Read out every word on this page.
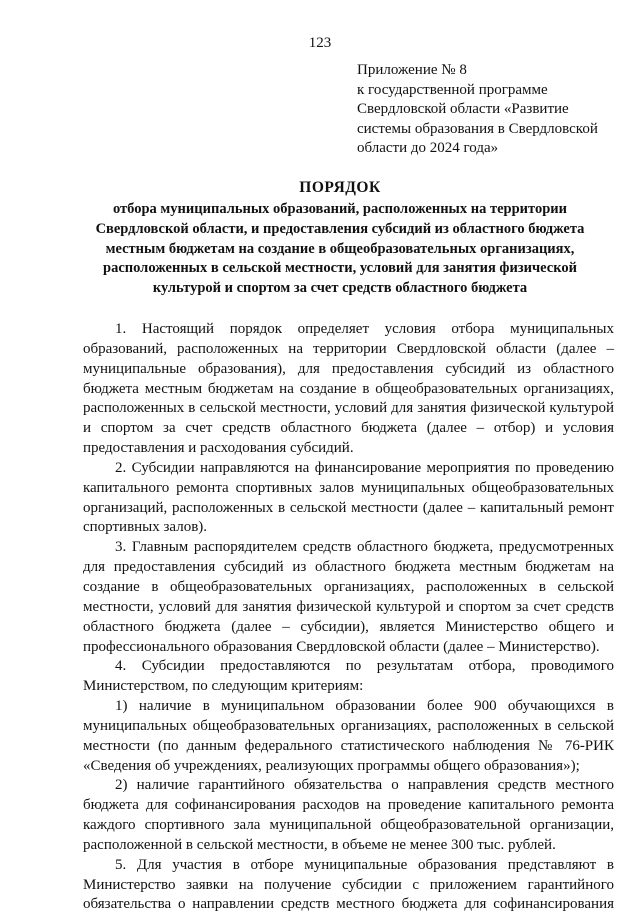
123
Приложение № 8
к государственной программе
Свердловской области «Развитие
системы образования в Свердловской
области до 2024 года»
ПОРЯДОК
отбора муниципальных образований, расположенных на территории
Свердловской области, и предоставления субсидий из областного бюджета
местным бюджетам на создание в общеобразовательных организациях,
расположенных в сельской местности, условий для занятия физической
культурой и спортом за счет средств областного бюджета
1. Настоящий порядок определяет условия отбора муниципальных
образований, расположенных на территории Свердловской области (далее –
муниципальные образования), для предоставления субсидий из областного
бюджета местным бюджетам на создание в общеобразовательных организациях,
расположенных в сельской местности, условий для занятия физической культурой
и спортом за счет средств областного бюджета (далее – отбор) и условия
предоставления и расходования субсидий.
2. Субсидии направляются на финансирование мероприятия по проведению
капитального ремонта спортивных залов муниципальных общеобразовательных
организаций, расположенных в сельской местности (далее – капитальный ремонт
спортивных залов).
3. Главным распорядителем средств областного бюджета, предусмотренных
для предоставления субсидий из областного бюджета местным бюджетам на
создание в общеобразовательных организациях, расположенных в сельской
местности, условий для занятия физической культурой и спортом за счет средств
областного бюджета (далее – субсидии), является Министерство общего и
профессионального образования Свердловской области (далее – Министерство).
4. Субсидии предоставляются по результатам отбора, проводимого
Министерством, по следующим критериям:
1) наличие в муниципальном образовании более 900 обучающихся в
муниципальных общеобразовательных организациях, расположенных в сельской
местности (по данным федерального статистического наблюдения № 76-РИК
«Сведения об учреждениях, реализующих программы общего образования»);
2) наличие гарантийного обязательства о направления средств местного
бюджета для софинансирования расходов на проведение капитального ремонта
каждого спортивного зала муниципальной общеобразовательной организации,
расположенной в сельской местности, в объеме не менее 300 тыс. рублей.
5. Для участия в отборе муниципальные образования представляют в
Министерство заявки на получение субсидии с приложением гарантийного
обязательства о направлении средств местного бюджета для софинансирования
